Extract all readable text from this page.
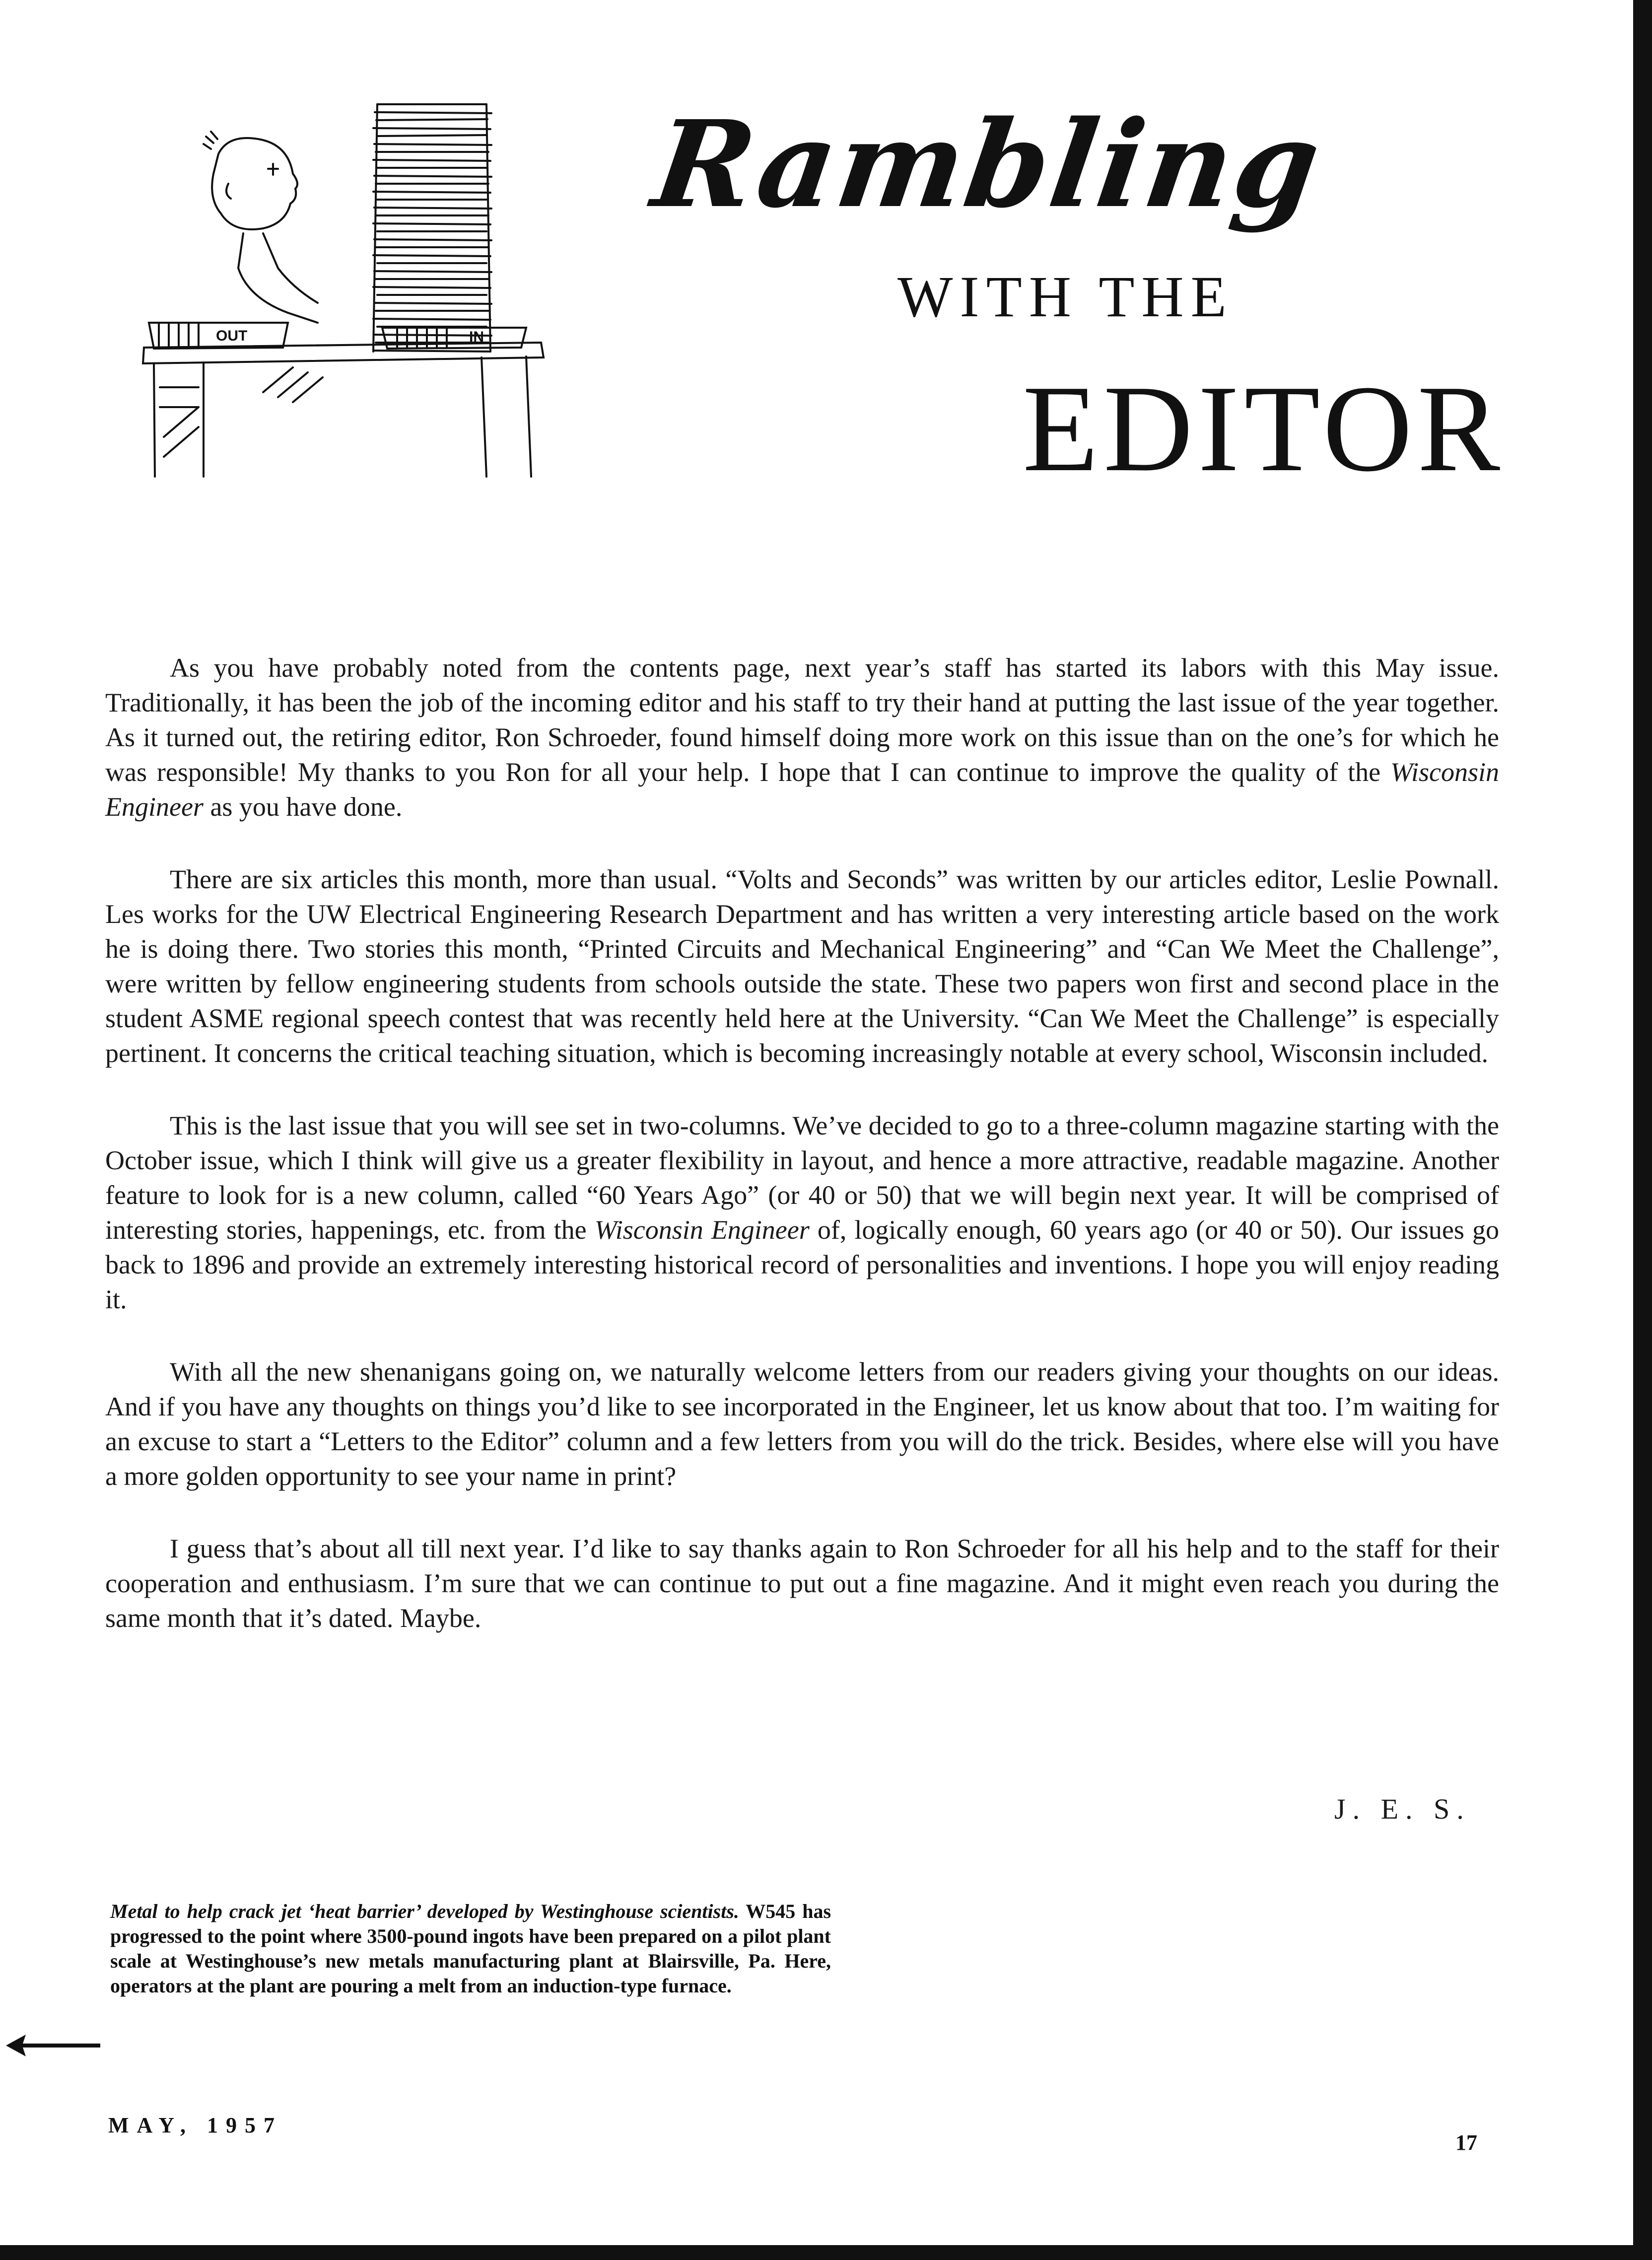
OUT	IN
Rambling
WITH THE
EDITOR

As you have probably noted from the contents page, next year’s staff has started its labors with this May issue. Traditionally, it has been the job of the incoming editor and his staff to try their hand at putting the last issue of the year together. As it turned out, the retiring editor, Ron Schroeder, found himself doing more work on this issue than on the one’s for which he was responsible! My thanks to you Ron for all your help. I hope that I can continue to improve the quality of the Wisconsin Engineer as you have done.

There are six articles this month, more than usual. “Volts and Seconds” was written by our articles editor, Leslie Pownall. Les works for the UW Electrical Engineering Research Department and has written a very interesting article based on the work he is doing there. Two stories this month, “Printed Circuits and Mechanical Engineering” and “Can We Meet the Challenge”, were written by fellow engineering students from schools outside the state. These two papers won first and second place in the student ASME regional speech contest that was recently held here at the University. “Can We Meet the Challenge” is especially pertinent. It concerns the critical teaching situation, which is becoming increasingly notable at every school, Wisconsin included.

This is the last issue that you will see set in two-columns. We’ve decided to go to a three-column magazine starting with the October issue, which I think will give us a greater flexibility in layout, and hence a more attractive, readable magazine. Another feature to look for is a new column, called “60 Years Ago” (or 40 or 50) that we will begin next year. It will be comprised of interesting stories, happenings, etc. from the Wisconsin Engineer of, logically enough, 60 years ago (or 40 or 50). Our issues go back to 1896 and provide an extremely interesting historical record of personalities and inventions. I hope you will enjoy reading it.

With all the new shenanigans going on, we naturally welcome letters from our readers giving your thoughts on our ideas. And if you have any thoughts on things you’d like to see incorporated in the Engineer, let us know about that too. I’m waiting for an excuse to start a “Letters to the Editor” column and a few letters from you will do the trick. Besides, where else will you have a more golden opportunity to see your name in print?

I guess that’s about all till next year. I’d like to say thanks again to Ron Schroeder for all his help and to the staff for their cooperation and enthusiasm. I’m sure that we can continue to put out a fine magazine. And it might even reach you during the same month that it’s dated. Maybe.

J. E. S.
Metal to help crack jet ‘heat barrier’ developed by Westinghouse scientists. W545 has progressed to the point where 3500-pound ingots have been prepared on a pilot plant scale at Westinghouse’s new metals manufacturing plant at Blairsville, Pa. Here, operators at the plant are pouring a melt from an induction-type furnace.
MAY, 1957
17
